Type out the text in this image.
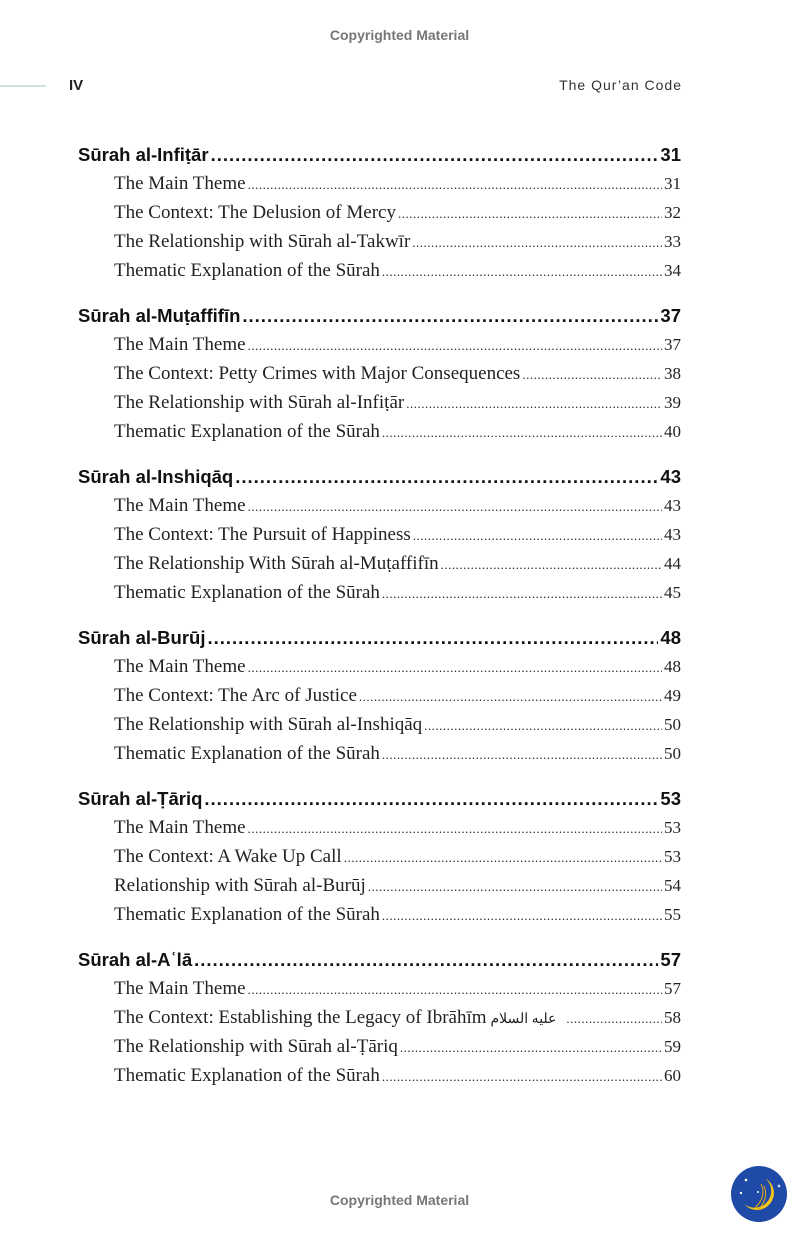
Copyrighted Material
IV	The Qur’an Code
Sūrah al-Infiṭār .....	31
The Main Theme .....	31
The Context: The Delusion of Mercy .....	32
The Relationship with Sūrah al-Takwīr .....	33
Thematic Explanation of the Sūrah .....	34
Sūrah al-Muṭaffifīn .....	37
The Main Theme .....	37
The Context: Petty Crimes with Major Consequences .....	38
The Relationship with Sūrah al-Infiṭār .....	39
Thematic Explanation of the Sūrah .....	40
Sūrah al-Inshiqāq .....	43
The Main Theme .....	43
The Context: The Pursuit of Happiness .....	43
The Relationship With Sūrah al-Muṭaffifīn .....	44
Thematic Explanation of the Sūrah .....	45
Sūrah al-Burūj .....	48
The Main Theme .....	48
The Context: The Arc of Justice .....	49
The Relationship with Sūrah al-Inshiqāq .....	50
Thematic Explanation of the Sūrah .....	50
Sūrah al-Ṭāriq .....	53
The Main Theme .....	53
The Context: A Wake Up Call .....	53
Relationship with Sūrah al-Burūj .....	54
Thematic Explanation of the Sūrah .....	55
Sūrah al-Aʿlā .....	57
The Main Theme .....	57
The Context: Establishing the Legacy of Ibrāhīm عليه السلام .....	58
The Relationship with Sūrah al-Ṭāriq .....	59
Thematic Explanation of the Sūrah .....	60
Copyrighted Material
